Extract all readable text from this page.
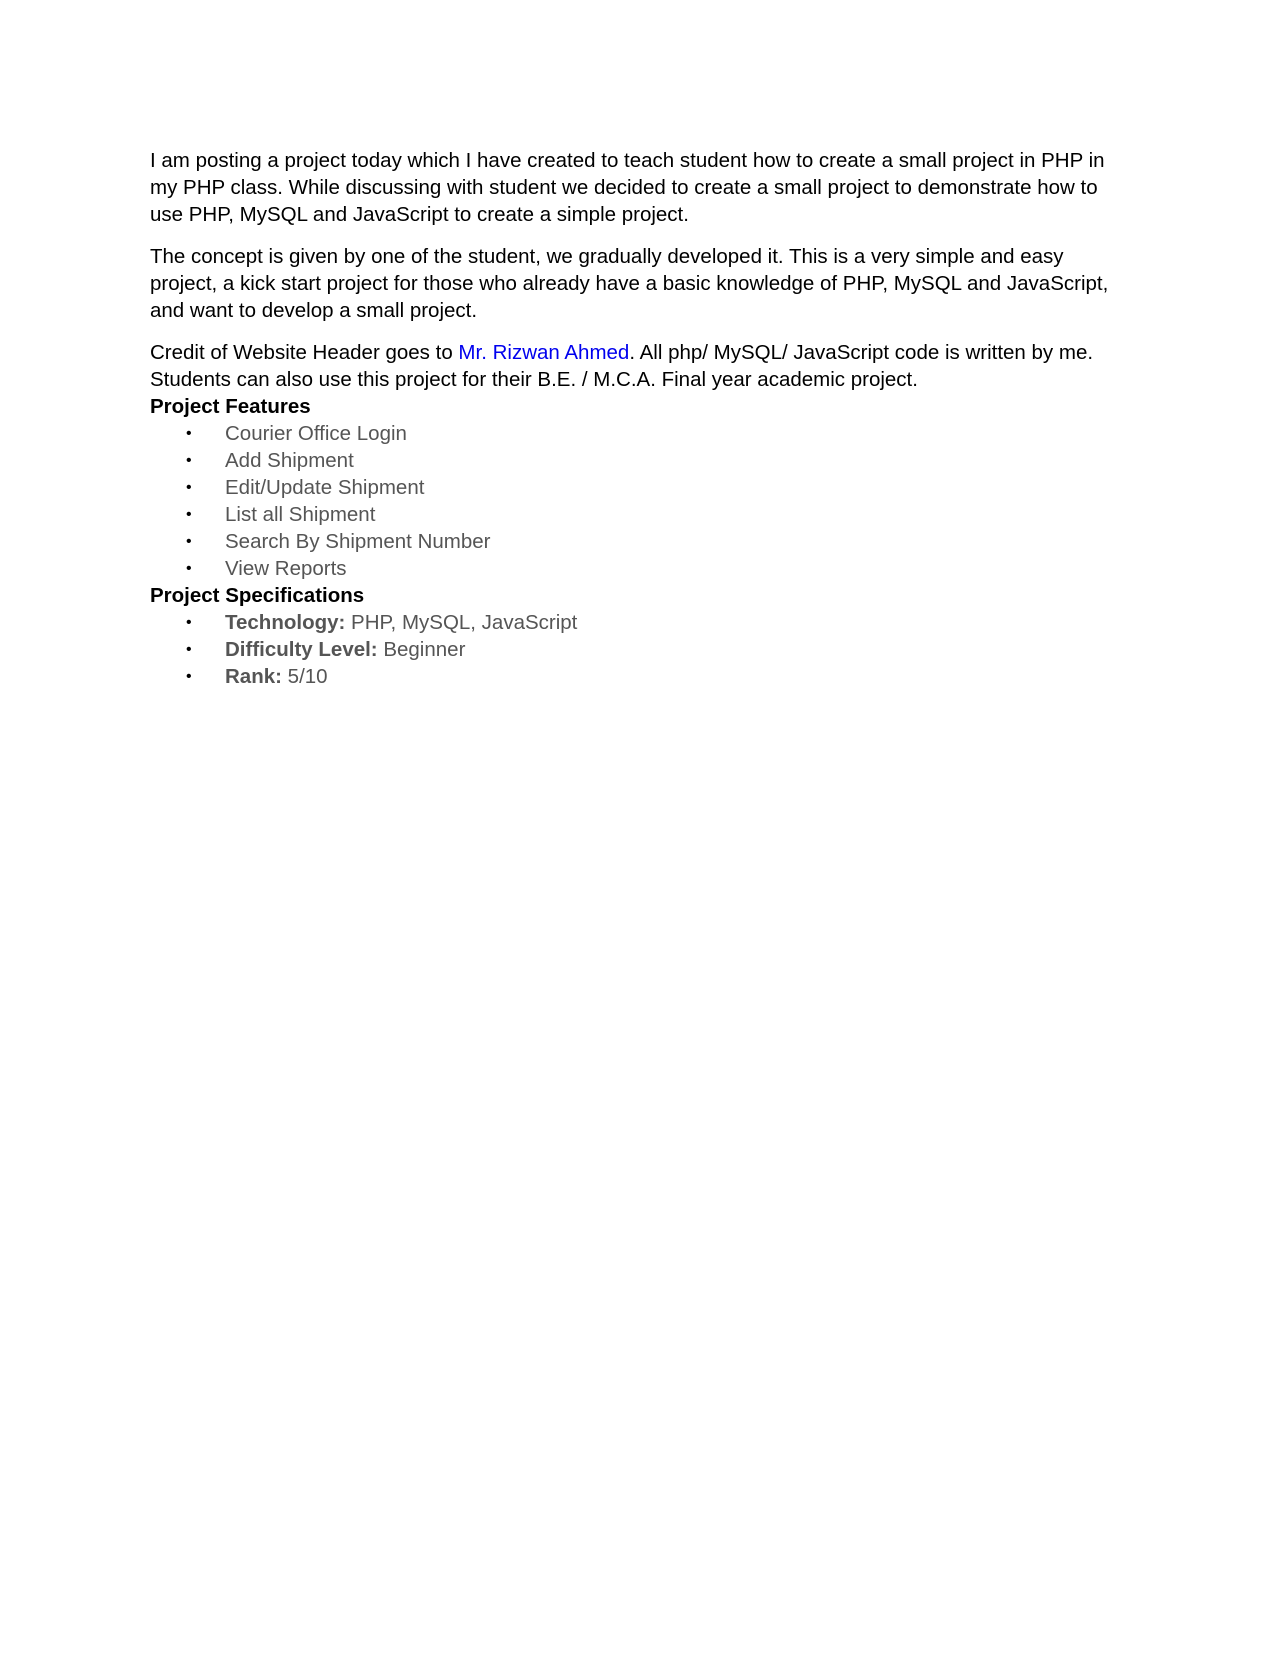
I am posting a project today which I have created to teach student how to create a small project in PHP in my PHP class. While discussing with student we decided to create a small project to demonstrate how to use PHP, MySQL and JavaScript to create a simple project.

The concept is given by one of the student, we gradually developed it. This is a very simple and easy project, a kick start project for those who already have a basic knowledge of PHP, MySQL and JavaScript, and want to develop a small project.

Credit of Website Header goes to Mr. Rizwan Ahmed. All php/ MySQL/ JavaScript code is written by me. Students can also use this project for their B.E. / M.C.A. Final year academic project.

Project Features
• Courier Office Login
• Add Shipment
• Edit/Update Shipment
• List all Shipment
• Search By Shipment Number
• View Reports
Project Specifications
• Technology: PHP, MySQL, JavaScript
• Difficulty Level: Beginner
• Rank: 5/10
